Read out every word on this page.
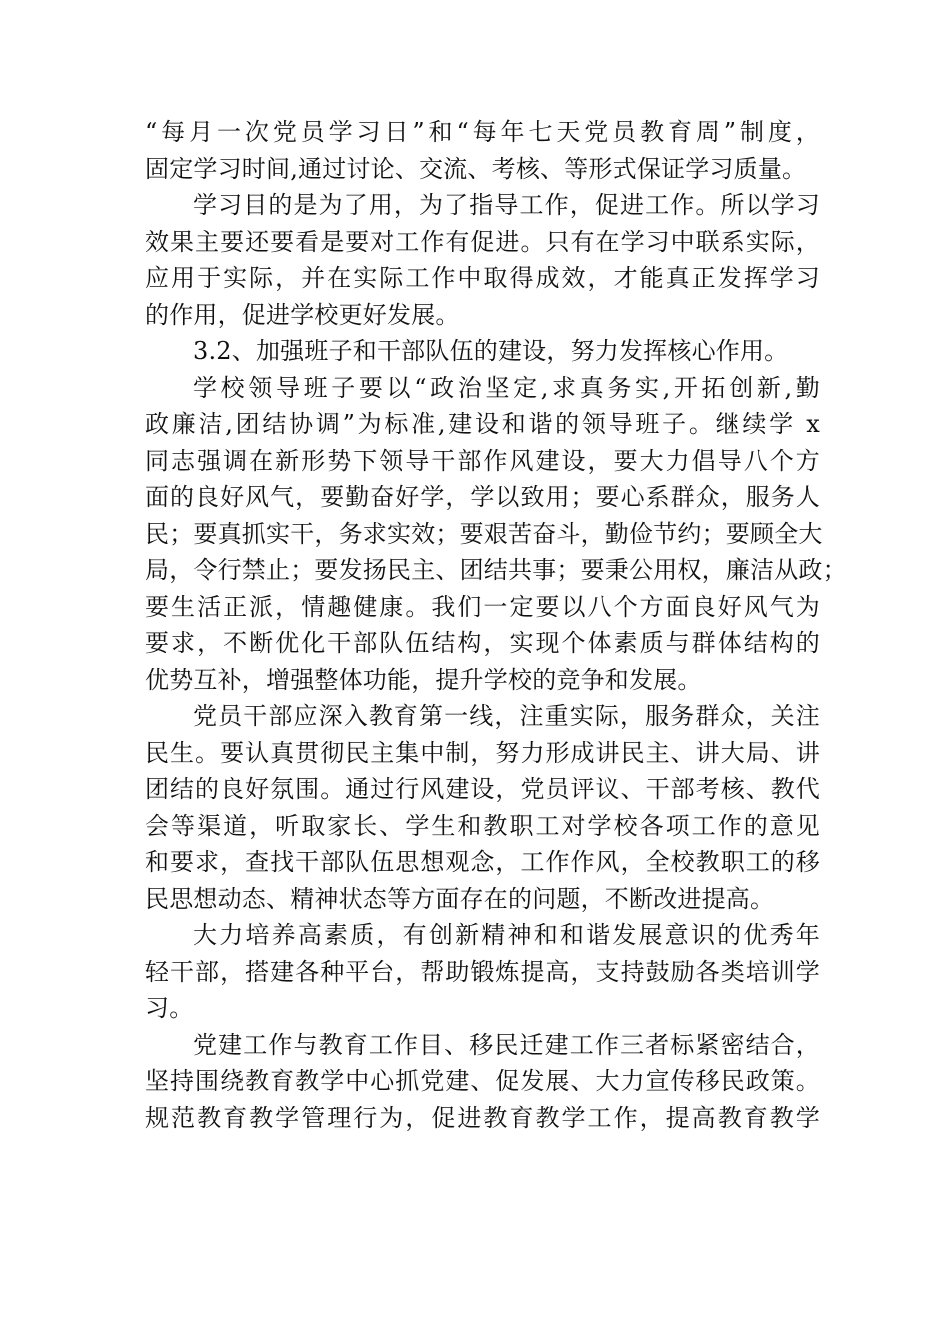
“每月一次党员学习日”和“每年七天党员教育周”制度，
固定学习时间,通过讨论、交流、考核、等形式保证学习质量。
学习目的是为了用，为了指导工作，促进工作。所以学习
效果主要还要看是要对工作有促进。只有在学习中联系实际，
应用于实际，并在实际工作中取得成效，才能真正发挥学习
的作用，促进学校更好发展。
3.2、加强班子和干部队伍的建设，努力发挥核心作用。
学校领导班子要以“政治坚定,求真务实,开拓创新,勤
政廉洁,团结协调”为标准,建设和谐的领导班子。继续学 x
同志强调在新形势下领导干部作风建设，要大力倡导八个方
面的良好风气，要勤奋好学，学以致用；要心系群众，服务人
民；要真抓实干，务求实效；要艰苦奋斗，勤俭节约；要顾全大
局，令行禁止；要发扬民主、团结共事；要秉公用权，廉洁从政；
要生活正派，情趣健康。我们一定要以八个方面良好风气为
要求，不断优化干部队伍结构，实现个体素质与群体结构的
优势互补，增强整体功能，提升学校的竞争和发展。
党员干部应深入教育第一线，注重实际，服务群众，关注
民生。要认真贯彻民主集中制，努力形成讲民主、讲大局、讲
团结的良好氛围。通过行风建设，党员评议、干部考核、教代
会等渠道，听取家长、学生和教职工对学校各项工作的意见
和要求，查找干部队伍思想观念，工作作风，全校教职工的移
民思想动态、精神状态等方面存在的问题，不断改进提高。
大力培养高素质，有创新精神和和谐发展意识的优秀年
轻干部，搭建各种平台，帮助锻炼提高，支持鼓励各类培训学
习。
党建工作与教育工作目、移民迁建工作三者标紧密结合，
坚持围绕教育教学中心抓党建、促发展、大力宣传移民政策。
规范教育教学管理行为，促进教育教学工作，提高教育教学
